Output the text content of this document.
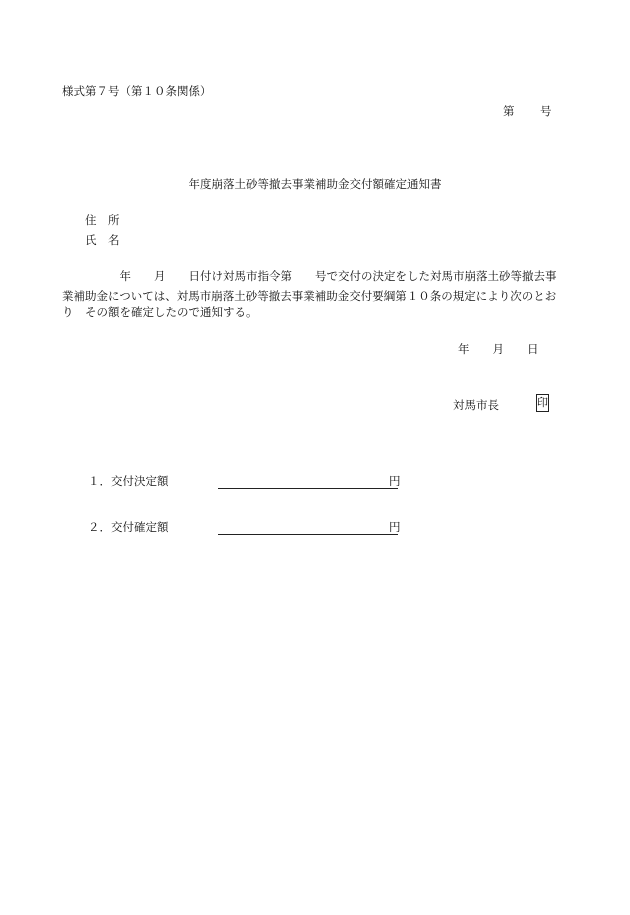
様式第７号（第１０条関係）
第 号
年度崩落土砂等撤去事業補助金交付額確定通知書
住　所
氏　名
　　　　　年　　月　　日付け対馬市指令第　　号で交付の決定をした対馬市崩落土砂等撤去事
業補助金については、対馬市崩落土砂等撤去事業補助金交付要綱第１０条の規定により次のとお
り　その額を確定したので通知する。
年　　月　　日
対馬市長	印
１．交付決定額	円
２．交付確定額	円
